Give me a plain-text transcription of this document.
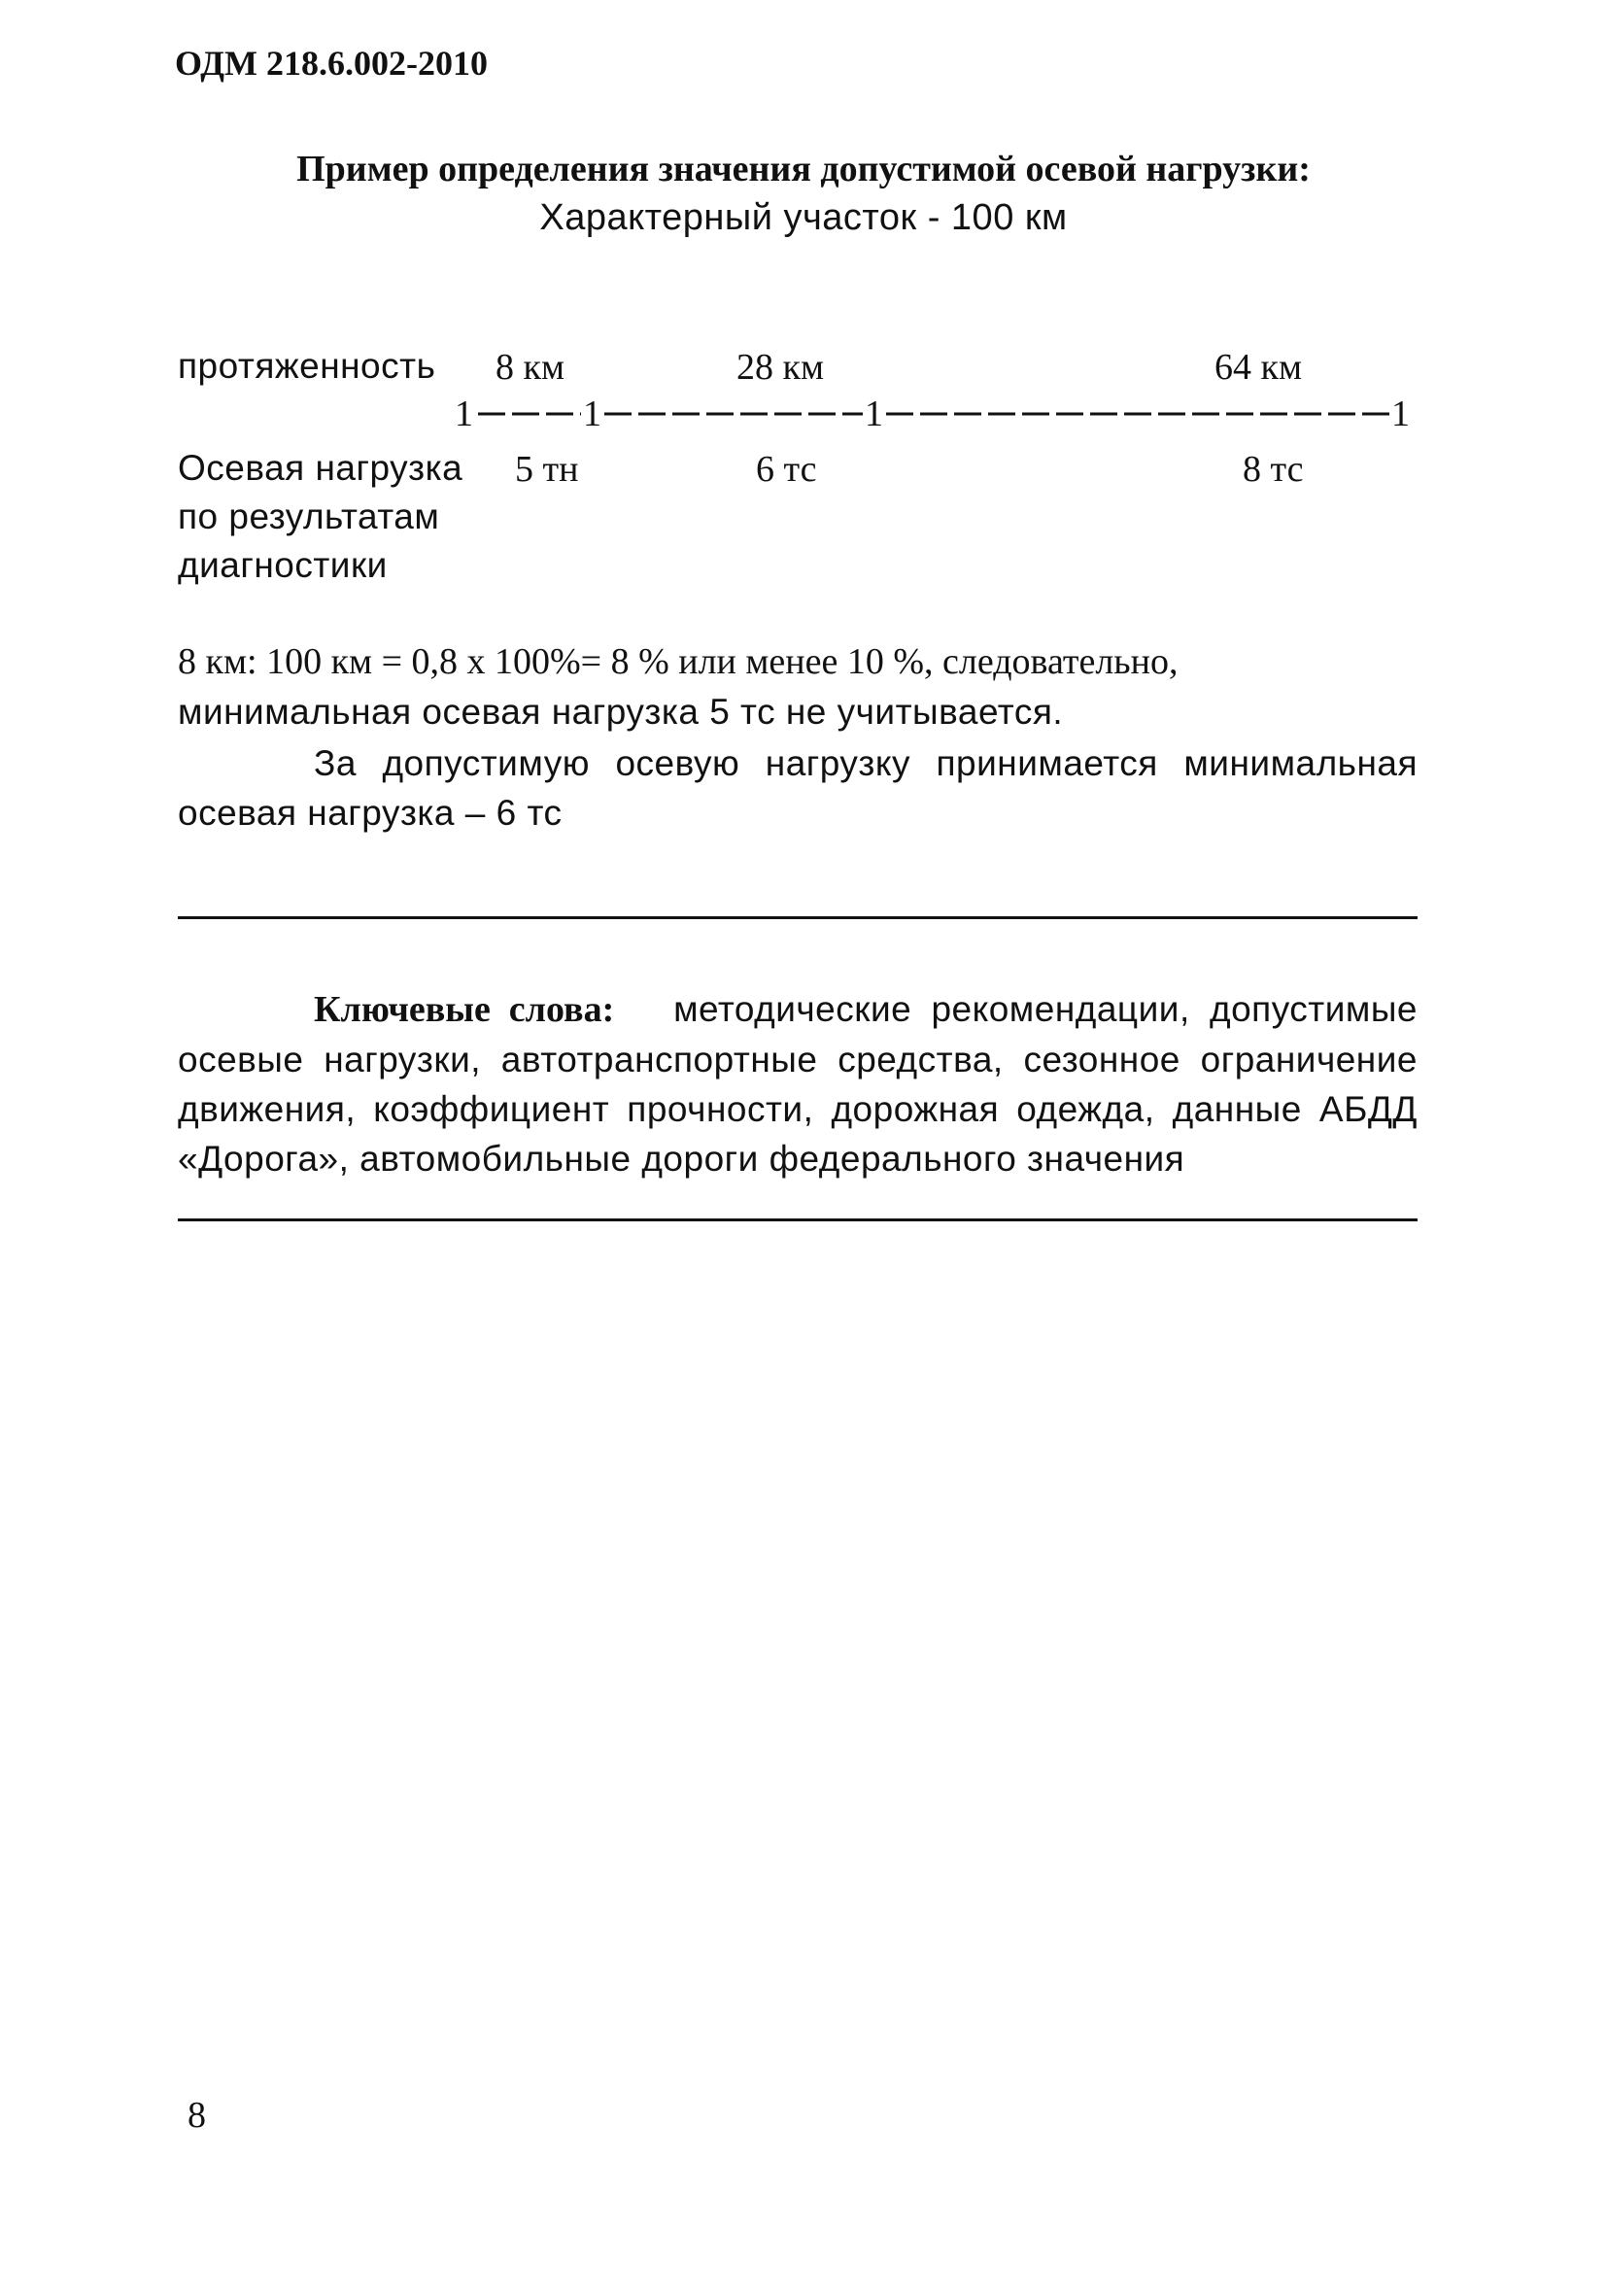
ОДМ 218.6.002-2010
Пример определения значения допустимой осевой нагрузки:
Характерный участок - 100 км
протяженность 8 км	28 км	64 км
1	1	1	1
Осевая нагрузка
по результатам
диагностики
5 тн	6 тс	8 тс
8 км: 100 км = 0,8 х 100%= 8 % или менее 10 %, следовательно,
минимальная осевая нагрузка 5 тс не учитывается.
За допустимую осевую нагрузку принимается минимальная осевая нагрузка – 6 тс
Ключевые слова: методические рекомендации, допустимые осевые нагрузки, автотранспортные средства, сезонное ограничение движения, коэффициент прочности, дорожная одежда, данные АБДД «Дорога», автомобильные дороги федерального значения
8
